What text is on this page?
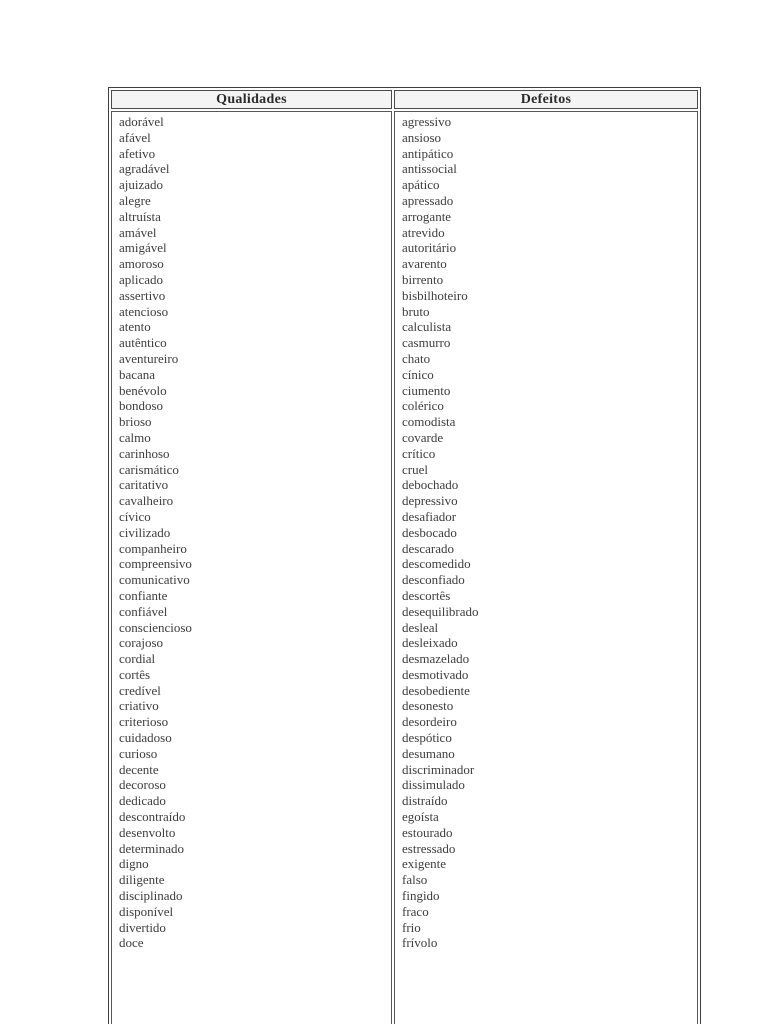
Qualidades	Defeitos

adorável
afável
afetivo
agradável
ajuizado
alegre
altruísta
amável
amigável
amoroso
aplicado
assertivo
atencioso
atento
autêntico
aventureiro
bacana
benévolo
bondoso
brioso
calmo
carinhoso
carismático
caritativo
cavalheiro
cívico
civilizado
companheiro
compreensivo
comunicativo
confiante
confiável
consciencioso
corajoso
cordial
cortês
credível
criativo
criterioso
cuidadoso
curioso
decente
decoroso
dedicado
descontraído
desenvolto
determinado
digno
diligente
disciplinado
disponível
divertido
doce

agressivo
ansioso
antipático
antissocial
apático
apressado
arrogante
atrevido
autoritário
avarento
birrento
bisbilhoteiro
bruto
calculista
casmurro
chato
cínico
ciumento
colérico
comodista
covarde
crítico
cruel
debochado
depressivo
desafiador
desbocado
descarado
descomedido
desconfiado
descortês
desequilibrado
desleal
desleixado
desmazelado
desmotivado
desobediente
desonesto
desordeiro
despótico
desumano
discriminador
dissimulado
distraído
egoísta
estourado
estressado
exigente
falso
fingido
fraco
frio
frívolo
